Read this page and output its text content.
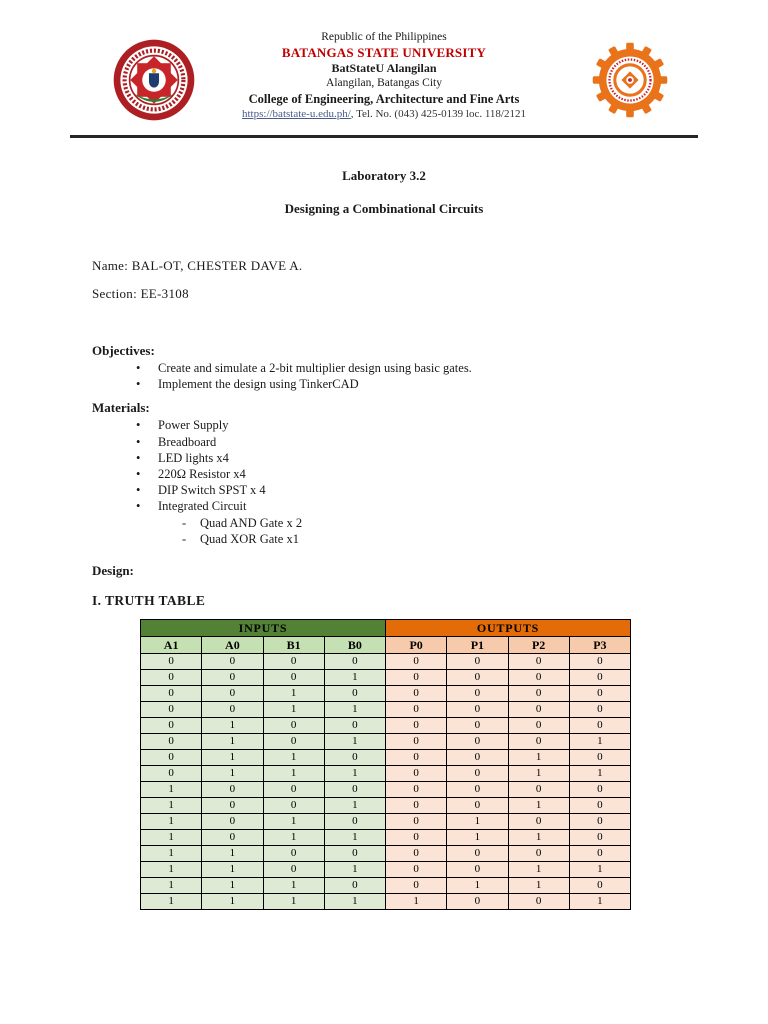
Republic of the Philippines
BATANGAS STATE UNIVERSITY
BatStateU Alangilan
Alangilan, Batangas City
College of Engineering, Architecture and Fine Arts
https://batstate-u.edu.ph/, Tel. No. (043) 425-0139 loc. 118/2121
Laboratory 3.2
Designing a Combinational Circuits
Name: BAL-OT, CHESTER DAVE A.
Section: EE-3108
Objectives:
•
Create and simulate a 2-bit multiplier design using basic gates.
•
Implement the design using TinkerCAD
Materials:
•
Power Supply
•
Breadboard
•
LED lights x4
•
220Ω Resistor x4
•
DIP Switch SPST x 4
•
Integrated Circuit
-
Quad AND Gate x 2
-
Quad XOR Gate x1
Design:
I. TRUTH TABLE
INPUTS				OUTPUTS			
A1	A0	B1	B0	P0	P1	P2	P3
0	0	0	0	0	0	0	0
0	0	0	1	0	0	0	0
0	0	1	0	0	0	0	0
0	0	1	1	0	0	0	0
0	1	0	0	0	0	0	0
0	1	0	1	0	0	0	1
0	1	1	0	0	0	1	0
0	1	1	1	0	0	1	1
1	0	0	0	0	0	0	0
1	0	0	1	0	0	1	0
1	0	1	0	0	1	0	0
1	0	1	1	0	1	1	0
1	1	0	0	0	0	0	0
1	1	0	1	0	0	1	1
1	1	1	0	0	1	1	0
1	1	1	1	1	0	0	1
